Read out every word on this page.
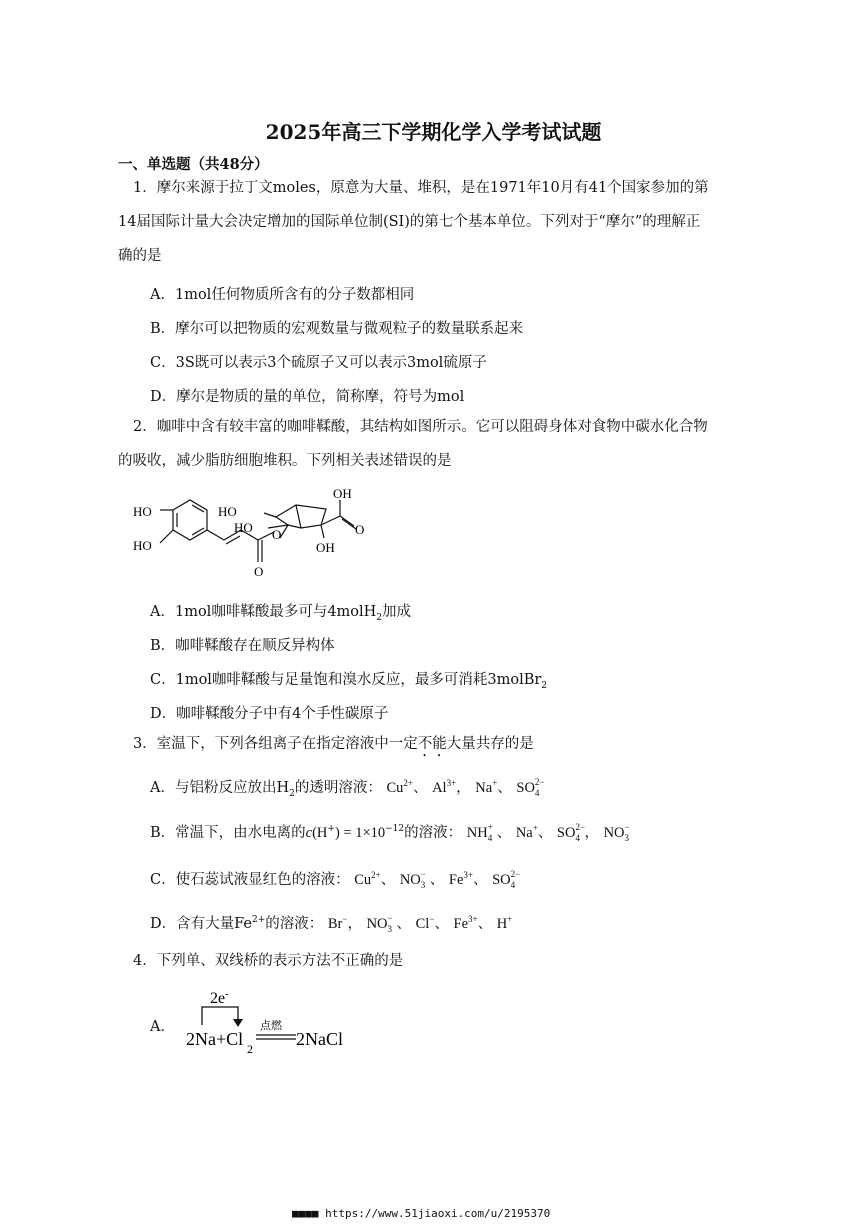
2025年高三下学期化学入学考试试题
一、单选题（共48分）
1．摩尔来源于拉丁文moles，原意为大量、堆积，是在1971年10月有41个国家参加的第
14届国际计量大会决定增加的国际单位制(SI)的第七个基本单位。下列对于“摩尔”的理解正
确的是
A．1mol任何物质所含有的分子数都相同
B．摩尔可以把物质的宏观数量与微观粒子的数量联系起来
C．3S既可以表示3个硫原子又可以表示3mol硫原子
D．摩尔是物质的量的单位，简称摩，符号为mol
2．咖啡中含有较丰富的咖啡鞣酸，其结构如图所示。它可以阻碍身体对食物中碳水化合物
的吸收，减少脂肪细胞堆积。下列相关表述错误的是
HO
HO
HO
HO O
O
OH
OH
O
A．1mol咖啡鞣酸最多可与4molH$_2$加成
B．咖啡鞣酸存在顺反异构体
C．1mol咖啡鞣酸与足量饱和溴水反应，最多可消耗3molBr$_2$
D．咖啡鞣酸分子中有4个手性碳原子
3．室温下，下列各组离子在指定溶液中一定不能大量共存的是
A．与铝粉反应放出$H_2$的透明溶液： $Cu^{2+}$、 $Al^{3+}$， Na+、 SO 2−
4
B．常温下，由水电离的$c(H^+) = 1\times 10^{-12}$的溶液： NH +
4 、 Na+、 SO 2−
4 ， NO −
3
C．使石蕊试液显红色的溶液： $Cu^{2+}$、 NO −
3 、 $Fe^{3+}$、 SO 2−
4
D．含有大量$Fe^{2+}$的溶液： Br−， NO −
3 、 Cl−、 $Fe^{3+}$、 H+
4．下列单、双线桥的表示方法不正确的是
A．
2e-
2Na+Cl 2
点燃
2NaCl
■■■■ https://www.51jiaoxi.com/u/2195370
